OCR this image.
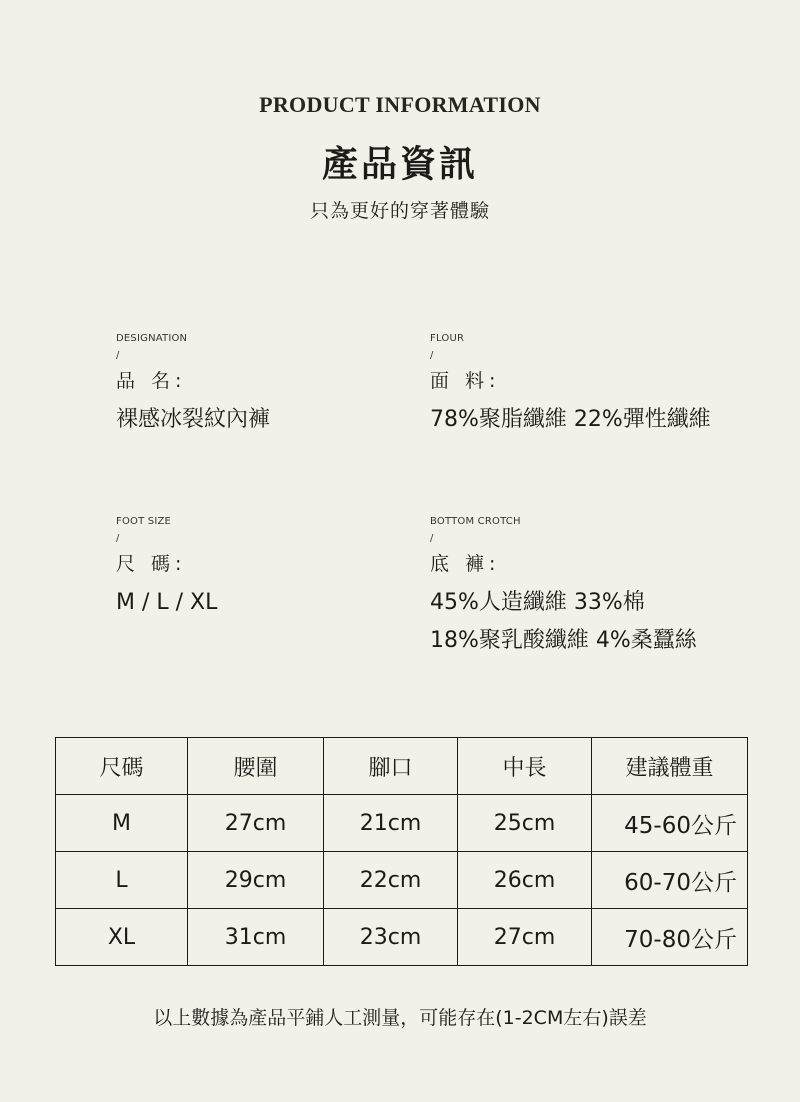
PRODUCT INFORMATION
產品資訊
只為更好的穿著體驗
DESIGNATION
/
品 名:
裸感冰裂紋內褲
FLOUR
/
面 料:
78%聚脂纖維 22%彈性纖維
FOOT SIZE
/
尺 碼:
M / L / XL
BOTTOM CROTCH
/
底 褲:
45%人造纖維 33%棉
18%聚乳酸纖維 4%桑蠶絲
尺碼	腰圍	腳口	中長	建議體重
M	27cm	21cm	25cm	45-60公斤
L	29cm	22cm	26cm	60-70公斤
XL	31cm	23cm	27cm	70-80公斤
以上數據為產品平鋪人工測量，可能存在(1-2CM左右)誤差
